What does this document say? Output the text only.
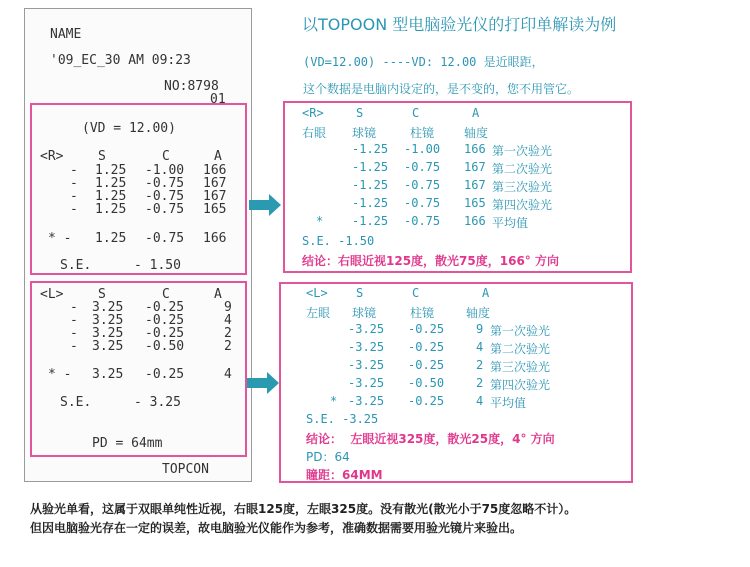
NAME
'09_EC_30 AM 09:23
NO:8798
01
(VD = 12.00)
<R>	S	C	A
- 1.25 -1.00 166
- 1.25 -0.75 167
- 1.25 -0.75 167
- 1.25 -0.75 165
* - 1.25 -0.75 166
S.E.	- 1.50
<L>	S	C	A
- 3.25 -0.25	9
- 3.25 -0.25	4
- 3.25 -0.25	2
- 3.25 -0.50	2
* - 3.25 -0.25	4
S.E.	- 3.25
PD = 64mm
TOPCON
以TOPOON 型电脑验光仪的打印单解读为例
(VD=12.00) ----VD: 12.00 是近眼距，
这个数据是电脑内设定的，是不变的，您不用管它。
<R>	S	C	A
右眼 球镜	柱镜 轴度
-1.25 -1.00 166 第一次验光
-1.25 -0.75 167 第二次验光
-1.25 -0.75 167 第三次验光
-1.25 -0.75 165 第四次验光
* -1.25 -0.75 166 平均值
S.E. -1.50
结论：右眼近视125度，散光75度，166° 方向
<L> S	C	A
左眼 球镜	柱镜	轴度
-3.25 -0.25	9 第一次验光
-3.25 -0.25	4 第二次验光
-3.25 -0.25	2 第三次验光
-3.25 -0.50	2 第四次验光
* -3.25 -0.25	4 平均值
S.E. -3.25
结论：  左眼近视325度，散光25度，4° 方向
PD：64
瞳距：64MM
从验光单看，这属于双眼单纯性近视，右眼125度，左眼325度。没有散光(散光小于75度忽略不计）。
但因电脑验光存在一定的误差，故电脑验光仪能作为参考，准确数据需要用验光镜片来验出。
